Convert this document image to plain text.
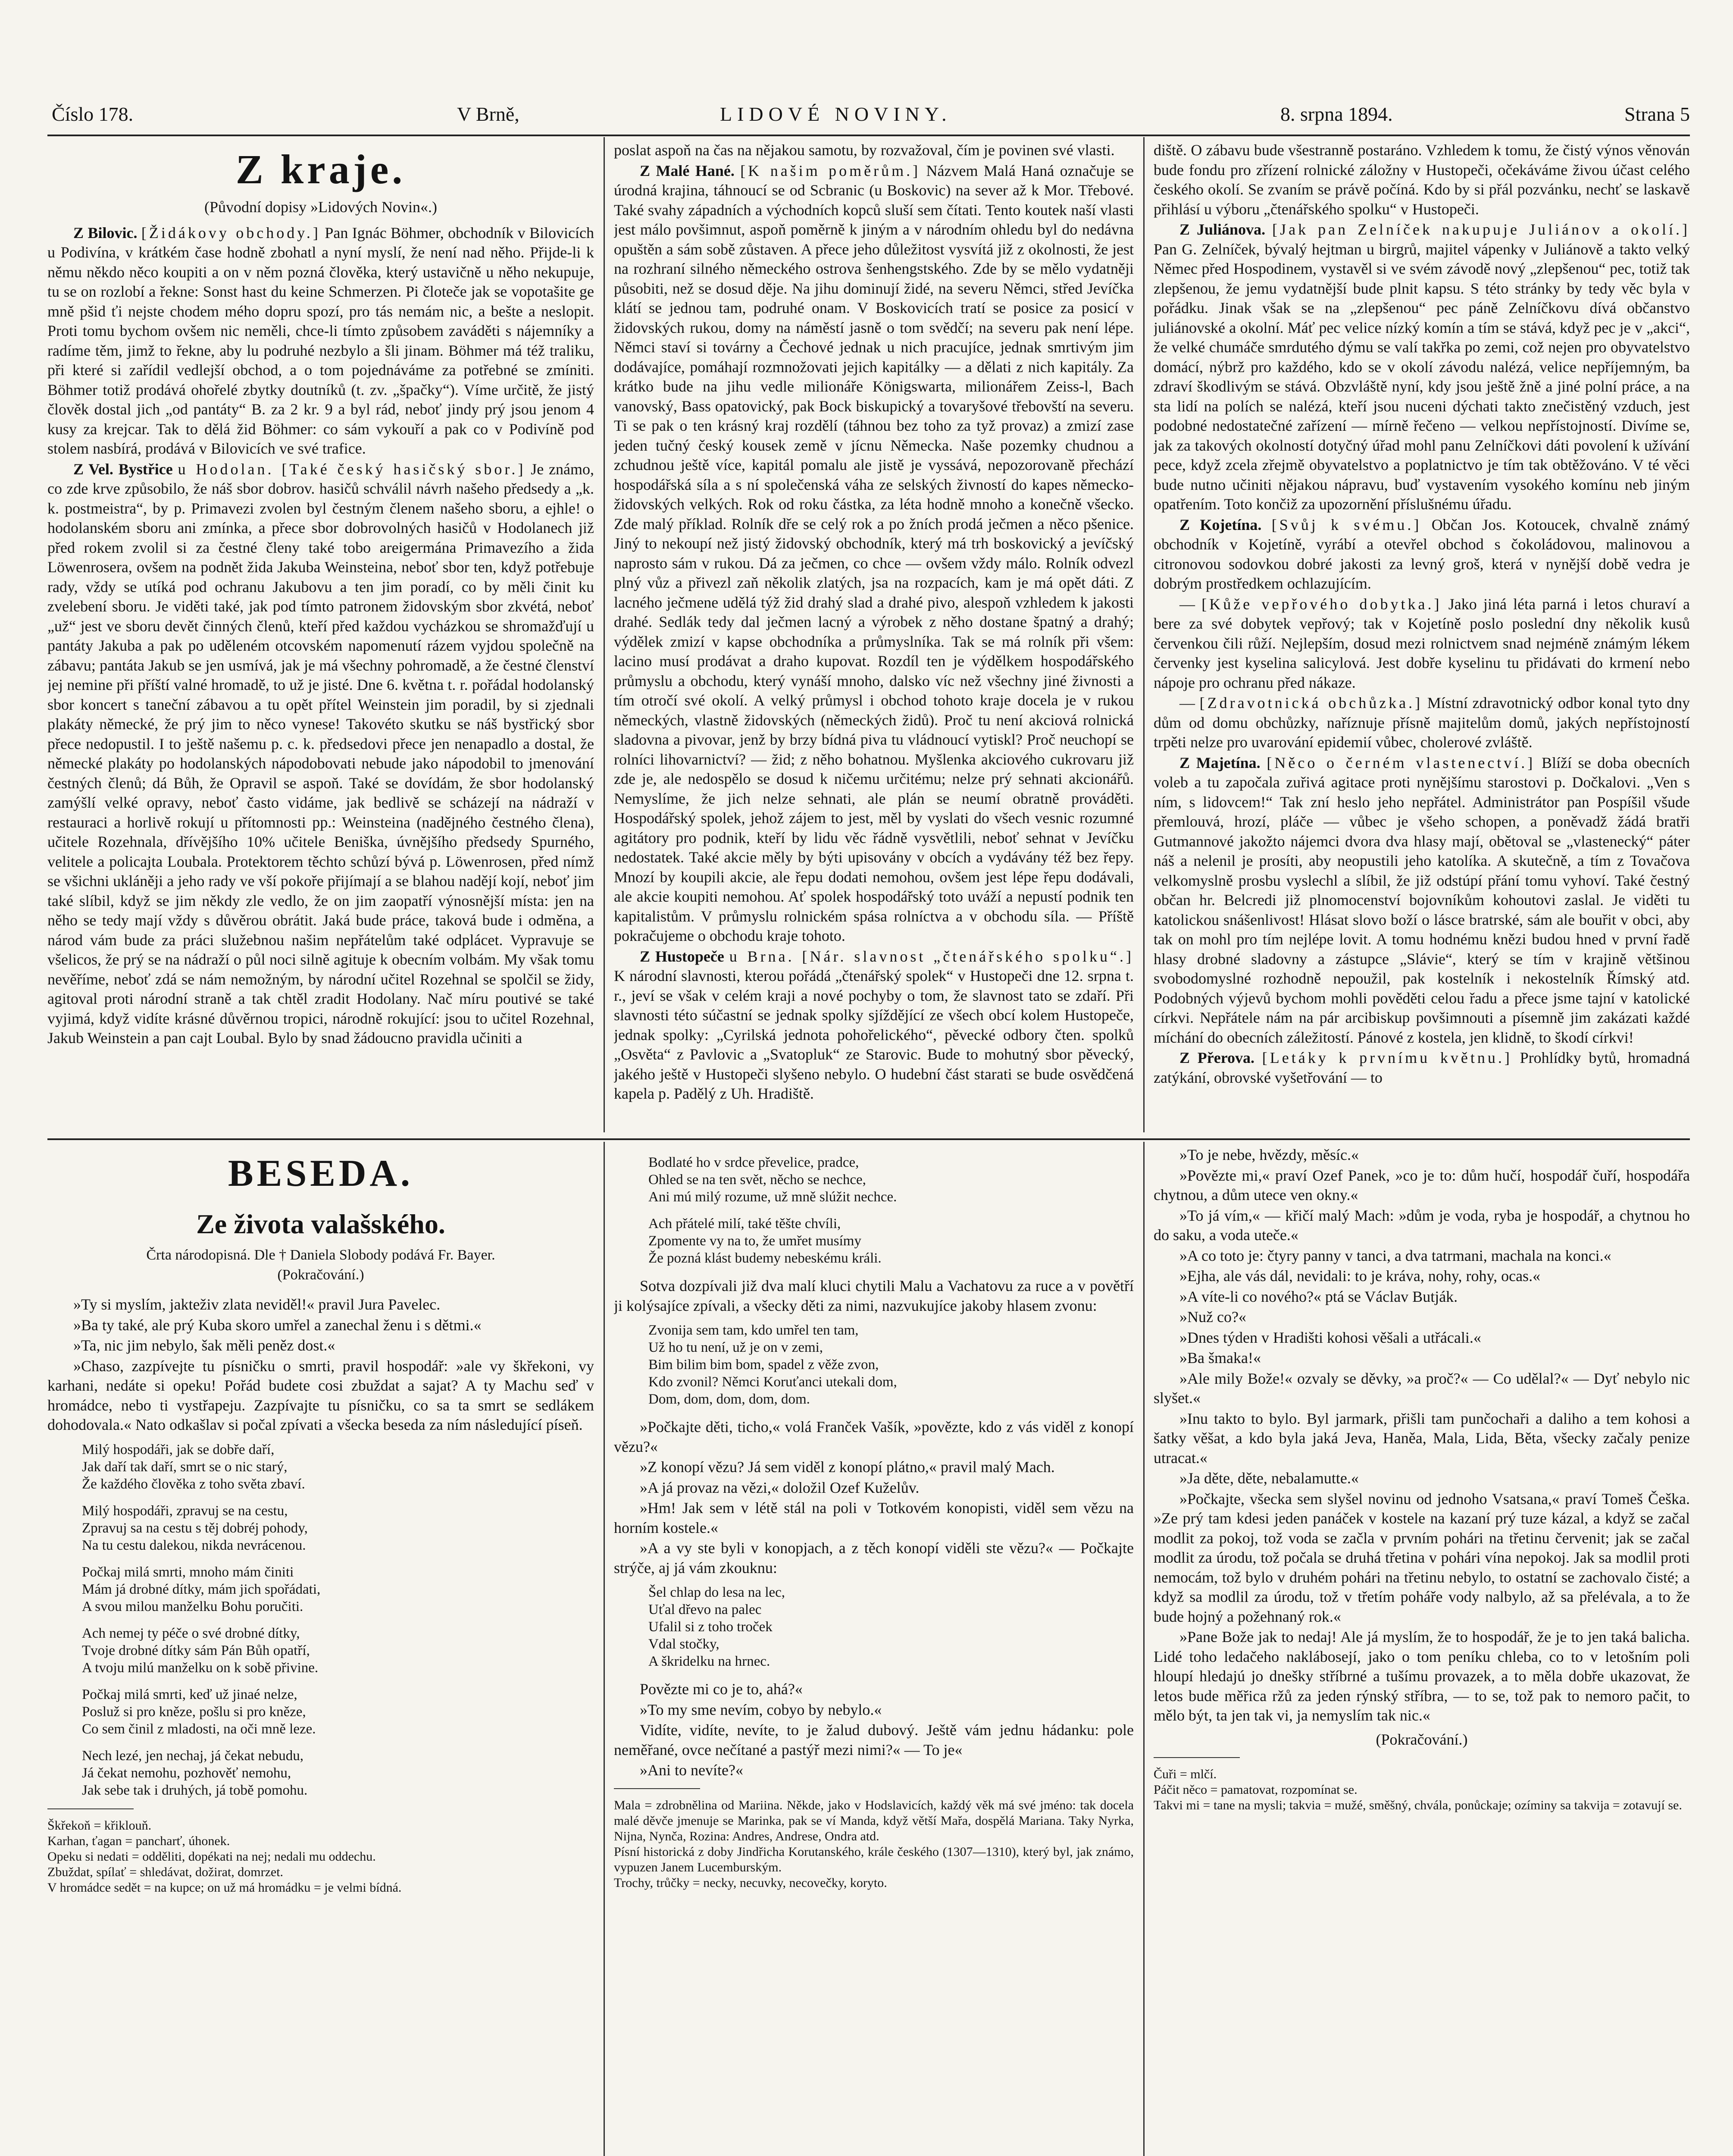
Číslo 178.	V Brně,	LIDOVÉ NOVINY.	8. srpna 1894.	Strana 5
Z kraje.
(Původní dopisy »Lidových Novin«.)

Z Bilovic. [Židákovy obchody.] Pan Ignác Böhmer, obchodník v Bilovicích u Podivína, v krátkém čase hodně zbohatl a nyní myslí, že není nad něho. Přijde-li k němu někdo něco koupiti a on v něm pozná člověka, který ustavičně u něho nekupuje, tu se on rozlobí a řekne: Sonst hast du keine Schmerzen. Pi čloteče jak se vopotašite ge mně pšid ťi nejste chodem mého dopru spozí, pro tás nemám nic, a bešte a neslopit. Proti tomu bychom ovšem nic neměli, chce-li tímto způsobem zaváděti s nájemníky a radíme těm, jimž to řekne, aby lu podruhé nezbylo a šli jinam. Böhmer má též traliku, při které si zařídil vedlejší obchod, a o tom pojednáváme za potřebné se zmíniti. Böhmer totiž prodává ohořelé zbytky doutníků (t. zv. „špačky“). Víme určitě, že jistý člověk dostal jich „od pantáty“ B. za 2 kr. 9 a byl rád, neboť jindy prý jsou jenom 4 kusy za krejcar. Tak to dělá žid Böhmer: co sám vykouří a pak co v Podivíně pod stolem nasbírá, prodává v Bilovicích ve své trafice.

Z Vel. Bystřice u Hodolan. [Také český hasičský sbor.] Je známo, co zde krve způsobilo, že náš sbor dobrov. hasičů schválil návrh našeho předsedy a „k. k. postmeistra“, by p. Primavezi zvolen byl čestným členem našeho sboru, a ejhle! o hodolanském sboru ani zmínka, a přece sbor dobrovolných hasičů v Hodolanech již před rokem zvolil si za čestné členy také tobo areigermána Primavezího a žida Löwenrosera, ovšem na podnět žida Jakuba Weinsteina, neboť sbor ten, když potřebuje rady, vždy se utíká pod ochranu Jakubovu a ten jim poradí, co by měli činit ku zvelebení sboru. Je viděti také, jak pod tímto patronem židovským sbor zkvétá, neboť „už“ jest ve sboru devět činných členů, kteří před každou vycházkou se shromažďují u pantáty Jakuba a pak po uděleném otcovském napomenutí rázem vyjdou společně na zábavu; pantáta Jakub se jen usmívá, jak je má všechny pohromadě, a že čestné členství jej nemine při příští valné hromadě, to už je jisté. Dne 6. května t. r. pořádal hodolanský sbor koncert s taneční zábavou a tu opět přítel Weinstein jim poradil, by si zjednali plakáty německé, že prý jim to něco vynese! Takovéto skutku se náš bystřický sbor přece nedopustil. I to ještě našemu p. c. k. předsedovi přece jen nenapadlo a dostal, že německé plakáty po hodolanských nápodobovati nebude jako nápodobil to jmenování čestných členů; dá Bůh, že Opravil se aspoň. Také se dovídám, že sbor hodolanský zamýšlí velké opravy, neboť často vidáme, jak bedlivě se scházejí na nádraží v restauraci a horlivě rokují u přítomnosti pp.: Weinsteina (nadějného čestného člena), učitele Rozehnala, dřívějšího 10% učitele Beniška, úvnějšího předsedy Spurného, velitele a policajta Loubala. Protektorem těchto schůzí bývá p. Löwenrosen, před nímž se všichni ukláněji a jeho rady ve vší pokoře přijímají a se blahou nadějí kojí, neboť jim také slíbil, když se jim někdy zle vedlo, že on jim zaopatří výnosnější místa: jen na něho se tedy mají vždy s důvěrou obrátit. Jaká bude práce, taková bude i odměna, a národ vám bude za práci služebnou našim nepřátelům také odplácet. Vypravuje se všelicos, že prý se na nádraží o půl noci silně agituje k obecním volbám. My však tomu nevěříme, neboť zdá se nám nemožným, by národní učitel Rozehnal se spolčil se židy, agitoval proti národní straně a tak chtěl zradit Hodolany. Nač míru poutivé se také vyjimá, když vidíte krásné důvěrnou tropici, národně rokující: jsou to učitel Rozehnal, Jakub Weinstein a pan cajt Loubal. Bylo by snad žádoucno pravidla učiniti a

poslat aspoň na čas na nějakou samotu, by rozvažoval, čím je povinen své vlasti.

Z Malé Hané. [K našim poměrům.] Názvem Malá Haná označuje se úrodná krajina, táhnoucí se od Scbranic (u Boskovic) na sever až k Mor. Třebové. Také svahy západních a východních kopců sluší sem čítati. Tento koutek naší vlasti jest málo povšimnut, aspoň poměrně k jiným a v národním ohledu byl do nedávna opuštěn a sám sobě zůstaven. A přece jeho důležitost vysvítá již z okolnosti, že jest na rozhraní silného německého ostrova šenhengstského. Zde by se mělo vydatněji působiti, než se dosud děje. Na jihu dominují židé, na severu Němci, střed Jevíčka klátí se jednou tam, podruhé onam. V Boskovicích tratí se posice za posicí v židovských rukou, domy na náměstí jasně o tom svědčí; na severu pak není lépe. Němci staví si továrny a Čechové jednak u nich pracujíce, jednak smrtivým jim dodávajíce, pomáhají rozmnožovati jejich kapitálky — a dělati z nich kapitály. Za krátko bude na jihu vedle milionáře Königswarta, milionářem Zeiss-l, Bach vanovský, Bass opatovický, pak Bock biskupický a tovaryšové třebovští na severu. Ti se pak o ten krásný kraj rozdělí (táhnou bez toho za tyž provaz) a zmizí zase jeden tučný český kousek země v jícnu Německa. Naše pozemky chudnou a zchudnou ještě více, kapitál pomalu ale jistě je vyssává, nepozorovaně přechází hospodářská síla a s ní společenská váha ze selských živností do kapes německo-židovských velkých. Rok od roku částka, za léta hodně mnoho a konečně všecko. Zde malý příklad. Rolník dře se celý rok a po žních prodá ječmen a něco pšenice. Jiný to nekoupí než jistý židovský obchodník, který má trh boskovický a jevíčský naprosto sám v rukou. Dá za ječmen, co chce — ovšem vždy málo. Rolník odvezl plný vůz a přivezl zaň několik zlatých, jsa na rozpacích, kam je má opět dáti. Z lacného ječmene udělá týž žid drahý slad a drahé pivo, alespoň vzhledem k jakosti drahé. Sedlák tedy dal ječmen lacný a výrobek z něho dostane špatný a drahý; výdělek zmizí v kapse obchodníka a průmyslníka. Tak se má rolník při všem: lacino musí prodávat a draho kupovat. Rozdíl ten je výdělkem hospodářského průmyslu a obchodu, který vynáší mnoho, dalsko víc než všechny jiné živnosti a tím otročí své okolí. A velký průmysl i obchod tohoto kraje docela je v rukou německých, vlastně židovských (německých židů). Proč tu není akciová rolnická sladovna a pivovar, jenž by brzy bídná piva tu vládnoucí vytiskl? Proč neuchopí se rolníci lihovarnictví? — žid; z něho bohatnou. Myšlenka akciového cukrovaru již zde je, ale nedospělo se dosud k ničemu určitému; nelze prý sehnati akcionářů. Nemyslíme, že jich nelze sehnati, ale plán se neumí obratně prováděti. Hospodářský spolek, jehož zájem to jest, měl by vyslati do všech vesnic rozumné agitátory pro podnik, kteří by lidu věc řádně vysvětlili, neboť sehnat v Jevíčku nedostatek. Také akcie měly by býti upisovány v obcích a vydávány též bez řepy. Mnozí by koupili akcie, ale řepu dodati nemohou, ovšem jest lépe řepu dodávali, ale akcie koupiti nemohou. Ať spolek hospodářský toto uváží a nepustí podnik ten kapitalistům. V průmyslu rolnickém spása rolníctva a v obchodu síla. — Příště pokračujeme o obchodu kraje tohoto.

Z Hustopeče u Brna. [Nár. slavnost „čtenářského spolku“.] K národní slavnosti, kterou pořádá „čtenářský spolek“ v Hustopeči dne 12. srpna t. r., jeví se však v celém kraji a nové pochyby o tom, že slavnost tato se zdaří. Při slavnosti této súčastní se jednak spolky sjíždějící ze všech obcí kolem Hustopeče, jednak spolky: „Cyrilská jednota pohořelického“, pěvecké odbory čten. spolků „Osvěta“ z Pavlovic a „Svatopluk“ ze Starovic. Bude to mohutný sbor pěvecký, jakého ještě v Hustopeči slyšeno nebylo. O hudební část starati se bude osvědčená kapela p. Padělý z Uh. Hradiště.

diště. O zábavu bude všestranně postaráno. Vzhledem k tomu, že čistý výnos věnován bude fondu pro zřízení rolnické záložny v Hustopeči, očekáváme živou účast celého českého okolí. Se zvaním se právě počíná. Kdo by si přál pozvánku, nechť se laskavě přihlásí u výboru „čtenářského spolku“ v Hustopeči.

Z Juliánova. [Jak pan Zelníček nakupuje Juliánov a okolí.] Pan G. Zelníček, bývalý hejtman u birgrů, majitel vápenky v Juliánově a takto velký Němec před Hospodinem, vystavěl si ve svém závodě nový „zlepšenou“ pec, totiž tak zlepšenou, že jemu vydatnější bude plnit kapsu. S této stránky by tedy věc byla v pořádku. Jinak však se na „zlepšenou“ pec páně Zelníčkovu dívá občanstvo juliánovské a okolní. Máť pec velice nízký komín a tím se stává, když pec je v „akci“, že velké chumáče smrdutého dýmu se valí takřka po zemi, což nejen pro obyvatelstvo domácí, nýbrž pro každého, kdo se v okolí závodu nalézá, velice nepříjemným, ba zdraví škodlivým se stává. Obzvláště nyní, kdy jsou ještě žně a jiné polní práce, a na sta lidí na polích se nalézá, kteří jsou nuceni dýchati takto znečistěný vzduch, jest podobné nedostatečné zařízení — mírně řečeno — velkou nepřístojností. Divíme se, jak za takových okolností dotyčný úřad mohl panu Zelníčkovi dáti povolení k užívání pece, když zcela zřejmě obyvatelstvo a poplatnictvo je tím tak obtěžováno. V té věci bude nutno učiniti nějakou nápravu, buď vystavením vysokého komínu neb jiným opatřením. Toto končiž za upozornění příslušnému úřadu.

Z Kojetína. [Svůj k svému.] Občan Jos. Kotoucek, chvalně známý obchodník v Kojetíně, vyrábí a otevřel obchod s čokoládovou, malinovou a citronovou sodovkou dobré jakosti za levný groš, která v nynější době vedra je dobrým prostředkem ochlazujícím.

— [Kůže vepřového dobytka.] Jako jiná léta parná i letos churaví a bere za své dobytek vepřový; tak v Kojetíně poslo poslední dny několik kusů červenkou čili růží. Nejlepším, dosud mezi rolnictvem snad nejméně známým lékem červenky jest kyselina salicylová. Jest dobře kyselinu tu přidávati do krmení nebo nápoje pro ochranu před nákaze.

— [Zdravotnická obchůzka.] Místní zdravotnický odbor konal tyto dny dům od domu obchůzky, naříznuje přísně majitelům domů, jakých nepřístojností trpěti nelze pro uvarování epidemií vůbec, cholerové zvláště.

Z Majetína. [Něco o černém vlastenectví.] Blíží se doba obecních voleb a tu započala zuřivá agitace proti nynějšímu starostovi p. Dočkalovi. „Ven s ním, s lidovcem!“ Tak zní heslo jeho nepřátel. Administrátor pan Pospíšil všude přemlouvá, hrozí, pláče — vůbec je všeho schopen, a poněvadž žádá bratři Gutmannové jakožto nájemci dvora dva hlasy mají, obětoval se „vlastenecký“ páter náš a nelenil je prosíti, aby neopustili jeho katolíka. A skutečně, a tím z Tovačova velkomyslně prosbu vyslechl a slíbil, že již odstúpí přání tomu vyhoví. Také čestný občan hr. Belcredi již plnomocenství bojovníkům kohoutovi zaslal. Je viděti tu katolickou snášenlivost! Hlásat slovo boží o lásce bratrské, sám ale bouřit v obci, aby tak on mohl pro tím nejlépe lovit. A tomu hodnému knězi budou hned v první řadě hlasy drobné sladovny a zástupce „Slávie“, který se tím v krajině většinou svobodomyslné rozhodně nepoužil, pak kostelník i nekostelník Římský atd. Podobných výjevů bychom mohli pověděti celou řadu a přece jsme tajní v katolické církvi. Nepřátele nám na pár arcibiskup povšimnouti a písemně jim zakázati každé míchání do obecních záležitostí. Pánové z kostela, jen klidně, to škodí církvi!

Z Přerova. [Letáky k prvnímu květnu.] Prohlídky bytů, hromadná zatýkání, obrovské vyšetřování — to

BESEDA.
Ze života valašského.
Črta národopisná. Dle † Daniela Slobody podává Fr. Bayer.
(Pokračování.)

»Ty si myslím, jakteživ zlata neviděl!« pravil Jura Pavelec.

»Ba ty také, ale prý Kuba skoro umřel a zanechal ženu i s dětmi.«

»Ta, nic jim nebylo, šak měli peněz dost.«

»Chaso, zazpívejte tu písničku o smrti, pravil hospodář: »ale vy škřekoni, vy karhani, nedáte si opeku! Pořád budete cosi zbuždat a sajat? A ty Machu seď v hromádce, nebo ti vystřapeju. Zazpívajte tu písničku, co sa ta smrt se sedlákem dohodovala.« Nato odkašlav si počal zpívati a všecka beseda za ním následující píseň.

Milý hospodáři, jak se dobře daří,
Jak daří tak daří, smrt se o nic starý,
Že každého člověka z toho světa zbaví.
Milý hospodáři, zpravuj se na cestu,
Zpravuj sa na cestu s těj dobréj pohody,
Na tu cestu dalekou, nikda nevrácenou.
Počkaj milá smrti, mnoho mám činiti
Mám já drobné dítky, mám jich spořádati,
A svou milou manželku Bohu poručiti.
Ach nemej ty péče o své drobné dítky,
Tvoje drobné dítky sám Pán Bůh opatří,
A tvoju milú manželku on k sobě přivine.
Počkaj milá smrti, keď už jinaé nelze,
Posluž si pro kněze, pošlu si pro kněze,
Co sem činil z mladosti, na oči mně leze.
Nech lezé, jen nechaj, já čekat nebudu,
Já čekat nemohu, pozhověť nemohu,
Jak sebe tak i druhých, já tobě pomohu.
Škřekoň = křiklouň.
Karhan, ťagan = pancharť, úhonek.
Opeku si nedati = odděliti, dopékati na nej; nedali mu oddechu.
Zbuždat, spílať = shledávat, dožirat, domrzet.
V hromádce sedět = na kupce; on už má hromádku = je velmi bídná.
Bodlaté ho v srdce převelice, pradce,
Ohled se na ten svět, něcho se nechce,
Ani mú milý rozume, už mně slúžit nechce.
Ach přátelé milí, také těšte chvíli,
Zpomente vy na to, že umřet musímy
Že pozná klást budemy nebeskému králi.

Sotva dozpívali již dva malí kluci chytili Malu a Vachatovu za ruce a v povětří ji kolýsajíce zpívali, a všecky děti za nimi, nazvukujíce jakoby hlasem zvonu:

Zvonija sem tam, kdo umřel ten tam,
Už ho tu není, už je on v zemi,
Bim bilim bim bom, spadel z věže zvon,
Kdo zvonil? Němci Koruťanci utekali dom,
Dom, dom, dom, dom, dom.

»Počkajte děti, ticho,« volá Franček Vašík, »povězte, kdo z vás viděl z konopí vězu?«

»Z konopí vězu? Já sem viděl z konopí plátno,« pravil malý Mach.

»A já provaz na vězi,« doložil Ozef Kuželův.

»Hm! Jak sem v létě stál na poli v Totkovém konopisti, viděl sem vězu na horním kostele.«

»A a vy ste byli v konopjach, a z těch konopí viděli ste vězu?« — Počkajte strýče, aj já vám zkouknu:

Šel chlap do lesa na lec,
Uťal dřevo na palec
Ufalil si z toho troček
Vdal stočky,
A škridelku na hrnec.

Povězte mi co je to, ahá?«

»To my sme nevím, cobyo by nebylo.«

Vidíte, vidíte, nevíte, to je žalud dubový. Ještě vám jednu hádanku: pole neměřané, ovce nečítané a pastýř mezi nimi?« — To je«

»Ani to nevíte?«

Mala = zdrobnělina od Mariina. Někde, jako v Hodslavicích, každý věk má své jméno: tak docela malé děvče jmenuje se Marinka, pak se ví Manda, když větší Mařa, dospělá Mariana. Taky Nyrka, Nijna, Nynča, Rozina: Andres, Andrese, Ondra atd.
Písní historická z doby Jindřicha Korutanského, krále českého (1307—1310), který byl, jak známo, vypuzen Janem Lucemburským.
Trochy, trůčky = necky, necuvky, necovečky, koryto.

»To je nebe, hvězdy, měsíc.«

»Povězte mi,« praví Ozef Panek, »co je to: dům hučí, hospodář čuří, hospodářa chytnou, a dům utece ven okny.«

»To já vím,« — křičí malý Mach: »dům je voda, ryba je hospodář, a chytnou ho do saku, a voda uteče.«

»A co toto je: čtyry panny v tanci, a dva tatrmani, machala na konci.«

»Ejha, ale vás dál, nevidali: to je kráva, nohy, rohy, ocas.«

»A víte-li co nového?« ptá se Václav Butják.

»Nuž co?«

»Dnes týden v Hradišti kohosi věšali a utřácali.«

»Ba šmaka!«

»Ale mily Bože!« ozvaly se děvky, »a proč?« — Co udělal?« — Dyť nebylo nic slyšet.«

»Inu takto to bylo. Byl jarmark, přišli tam punčochaři a daliho a tem kohosi a šatky věšat, a kdo byla jaká Jeva, Haněa, Mala, Lida, Běta, všecky začaly penize utracat.«

»Ja děte, děte, nebalamutte.«

»Počkajte, všecka sem slyšel novinu od jednoho Vsatsana,« praví Tomeš Češka. »Ze prý tam kdesi jeden panáček v kostele na kazaní prý tuze kázal, a když se začal modlit za pokoj, tož voda se začla v prvním pohári na třetinu červenit; jak se začal modlit za úrodu, tož počala se druhá třetina v pohári vína nepokoj. Jak sa modlil proti nemocám, tož bylo v druhém pohári na třetinu nebylo, to ostatní se zachovalo čisté; a když sa modlil za úrodu, tož v třetím poháře vody nalbylo, až sa přelévala, a to že bude hojný a požehnaný rok.«

»Pane Bože jak to nedaj! Ale já myslím, že to hospodář, že je to jen taká balicha. Lidé toho ledačeho naklábosejí, jako o tom peníku chleba, co to v letošním poli hloupí hledajú jo dnešky stříbrné a tušímu provazek, a to měla dobře ukazovat, že letos bude měřica ržů za jeden rýnský stříbra, — to se, tož pak to nemoro pačit, to mělo být, ta jen tak vi, ja nemyslím tak nic.«

(Pokračování.)
Čuři = mlčí.
Páčit něco = pamatovat, rozpomínat se.
Takvi mi = tane na mysli; takvia = mužé, směšný, chvála, ponůckaje; ozíminy sa takvija = zotavují se.
